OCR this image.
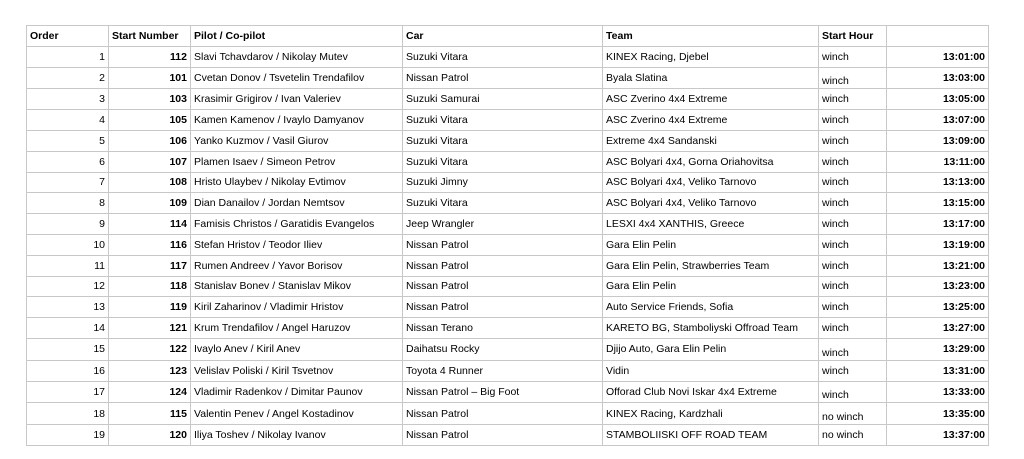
Order	Start Number	Pilot / Co-pilot	Car	Team	Start Hour	
1	112	Slavi Tchavdarov / Nikolay Mutev	Suzuki Vitara	KINEX Racing, Djebel	winch	13:01:00
2	101	Cvetan Donov / Tsvetelin Trendafilov	Nissan Patrol	Byala Slatina	winch	13:03:00
3	103	Krasimir Grigirov / Ivan Valeriev	Suzuki Samurai	ASC Zverino 4x4 Extreme	winch	13:05:00
4	105	Kamen Kamenov / Ivaylo Damyanov	Suzuki Vitara	ASC Zverino 4x4 Extreme	winch	13:07:00
5	106	Yanko Kuzmov / Vasil Giurov	Suzuki Vitara	Extreme 4x4 Sandanski	winch	13:09:00
6	107	Plamen Isaev / Simeon Petrov	Suzuki Vitara	ASC Bolyari 4x4, Gorna Oriahovitsa	winch	13:11:00
7	108	Hristo Ulaybev / Nikolay Evtimov	Suzuki Jimny	ASC Bolyari 4x4, Veliko Tarnovo	winch	13:13:00
8	109	Dian Danailov / Jordan Nemtsov	Suzuki Vitara	ASC Bolyari 4x4, Veliko Tarnovo	winch	13:15:00
9	114	Famisis Christos / Garatidis Evangelos	Jeep Wrangler	LESXI 4x4 XANTHIS, Greece	winch	13:17:00
10	116	Stefan Hristov / Teodor Iliev	Nissan Patrol	Gara Elin Pelin	winch	13:19:00
11	117	Rumen Andreev / Yavor Borisov	Nissan Patrol	Gara Elin Pelin, Strawberries Team	winch	13:21:00
12	118	Stanislav Bonev / Stanislav Mikov	Nissan Patrol	Gara Elin Pelin	winch	13:23:00
13	119	Kiril Zaharinov / Vladimir Hristov	Nissan Patrol	Auto Service Friends, Sofia	winch	13:25:00
14	121	Krum Trendafilov / Angel Haruzov	Nissan Terano	KARETO BG, Stamboliyski Offroad Team	winch	13:27:00
15	122	Ivaylo Anev / Kiril Anev	Daihatsu Rocky	Djijo Auto, Gara Elin Pelin	winch	13:29:00
16	123	Velislav Poliski / Kiril Tsvetnov	Toyota 4 Runner	Vidin	winch	13:31:00
17	124	Vladimir Radenkov / Dimitar Paunov	Nissan Patrol – Big Foot	Offorad Club Novi Iskar 4x4 Extreme	winch	13:33:00
18	115	Valentin Penev / Angel Kostadinov	Nissan Patrol	KINEX Racing, Kardzhali	no winch	13:35:00
19	120	Iliya Toshev / Nikolay Ivanov	Nissan Patrol	STAMBOLIISKI OFF ROAD TEAM	no winch	13:37:00
